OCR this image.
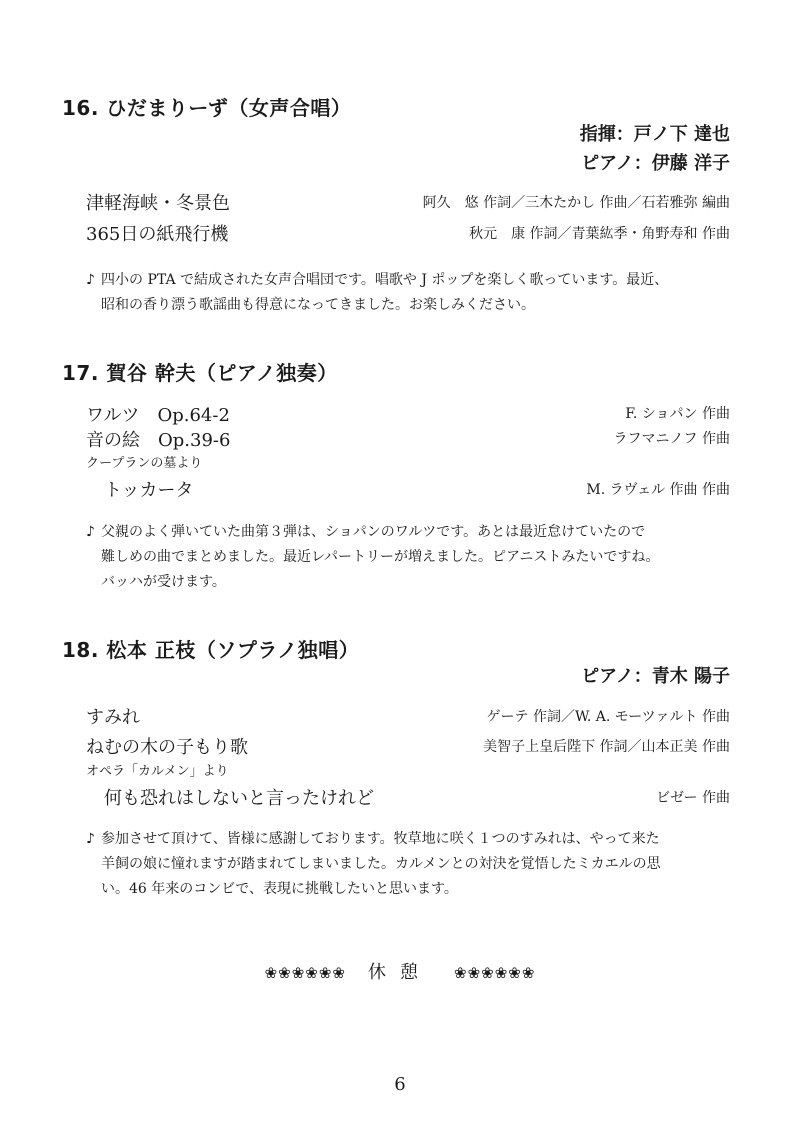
16. ひだまりーず（女声合唱）
指揮：戸ノ下 達也
ピアノ：伊藤 洋子
津軽海峡・冬景色	阿久　悠 作詞／三木たかし 作曲／石若雅弥 編曲
365日の紙飛行機	秋元　康 作詞／青葉紘季・角野寿和 作曲
♪ 四小の PTA で結成された女声合唱団です。唱歌や J ポップを楽しく歌っています。最近、
昭和の香り漂う歌謡曲も得意になってきました。お楽しみください。
17. 賀谷 幹夫（ピアノ独奏）
ワルツ　Op.64-2	F. ショパン 作曲
音の絵　Op.39-6	ラフマニノフ 作曲
クープランの墓より
トッカータ	M. ラヴェル 作曲 作曲
♪ 父親のよく弾いていた曲第３弾は、ショパンのワルツです。あとは最近怠けていたので
難しめの曲でまとめました。最近レパートリーが増えました。ピアニストみたいですね。
バッハが受けます。
18. 松本 正枝（ソプラノ独唱）
ピアノ：青木 陽子
すみれ	ゲーテ 作詞／W. A. モーツァルト 作曲
ねむの木の子もり歌	美智子上皇后陛下 作詞／山本正美 作曲
オペラ「カルメン」より
何も恐れはしないと言ったけれど	ビゼー 作曲
♪ 参加させて頂けて、皆様に感謝しております。牧草地に咲く１つのすみれは、やって来た
羊飼の娘に憧れますが踏まれてしまいました。カルメンとの対決を覚悟したミカエルの思
い。46 年来のコンビで、表現に挑戦したいと思います。
❀❀❀❀❀❀ 休憩 ❀❀❀❀❀❀
6
